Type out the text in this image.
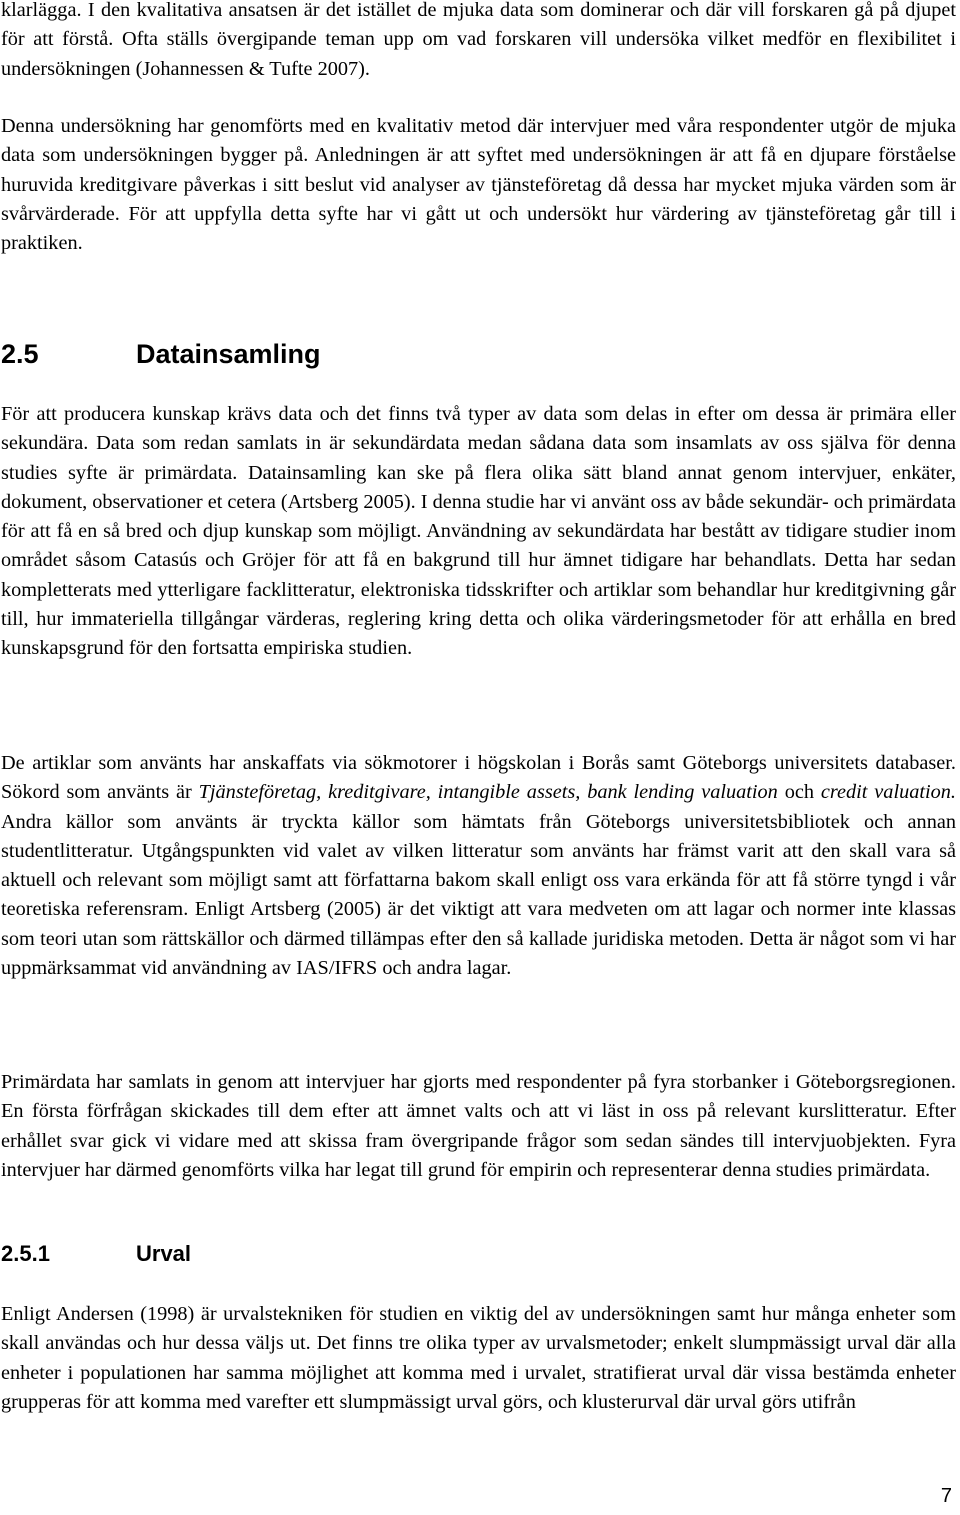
klarlägga. I den kvalitativa ansatsen är det istället de mjuka data som dominerar och där vill forskaren gå på djupet för att förstå. Ofta ställs övergipande teman upp om vad forskaren vill undersöka vilket medför en flexibilitet i undersökningen (Johannessen & Tufte 2007).

Denna undersökning har genomförts med en kvalitativ metod där intervjuer med våra respondenter utgör de mjuka data som undersökningen bygger på. Anledningen är att syftet med undersökningen är att få en djupare förståelse huruvida kreditgivare påverkas i sitt beslut vid analyser av tjänsteföretag då dessa har mycket mjuka värden som är svårvärderade. För att uppfylla detta syfte har vi gått ut och undersökt hur värdering av tjänsteföretag går till i praktiken.

2.5	Datainsamling

För att producera kunskap krävs data och det finns två typer av data som delas in efter om dessa är primära eller sekundära. Data som redan samlats in är sekundärdata medan sådana data som insamlats av oss själva för denna studies syfte är primärdata. Datainsamling kan ske på flera olika sätt bland annat genom intervjuer, enkäter, dokument, observationer et cetera (Artsberg 2005). I denna studie har vi använt oss av både sekundär- och primärdata för att få en så bred och djup kunskap som möjligt. Användning av sekundärdata har bestått av tidigare studier inom området såsom Catasús och Gröjer för att få en bakgrund till hur ämnet tidigare har behandlats. Detta har sedan kompletterats med ytterligare facklitteratur, elektroniska tidsskrifter och artiklar som behandlar hur kreditgivning går till, hur immateriella tillgångar värderas, reglering kring detta och olika värderingsmetoder för att erhålla en bred kunskapsgrund för den fortsatta empiriska studien.

De artiklar som använts har anskaffats via sökmotorer i högskolan i Borås samt Göteborgs universitets databaser. Sökord som använts är Tjänsteföretag, kreditgivare, intangible assets, bank lending valuation och credit valuation. Andra källor som använts är tryckta källor som hämtats från Göteborgs universitetsbibliotek och annan studentlitteratur. Utgångspunkten vid valet av vilken litteratur som använts har främst varit att den skall vara så aktuell och relevant som möjligt samt att författarna bakom skall enligt oss vara erkända för att få större tyngd i vår teoretiska referensram. Enligt Artsberg (2005) är det viktigt att vara medveten om att lagar och normer inte klassas som teori utan som rättskällor och därmed tillämpas efter den så kallade juridiska metoden. Detta är något som vi har uppmärksammat vid användning av IAS/IFRS och andra lagar.

Primärdata har samlats in genom att intervjuer har gjorts med respondenter på fyra storbanker i Göteborgsregionen. En första förfrågan skickades till dem efter att ämnet valts och att vi läst in oss på relevant kurslitteratur. Efter erhållet svar gick vi vidare med att skissa fram övergripande frågor som sedan sändes till intervjuobjekten. Fyra intervjuer har därmed genomförts vilka har legat till grund för empirin och representerar denna studies primärdata.

2.5.1	Urval

Enligt Andersen (1998) är urvalstekniken för studien en viktig del av undersökningen samt hur många enheter som skall användas och hur dessa väljs ut. Det finns tre olika typer av urvalsmetoder; enkelt slumpmässigt urval där alla enheter i populationen har samma möjlighet att komma med i urvalet, stratifierat urval där vissa bestämda enheter grupperas för att komma med varefter ett slumpmässigt urval görs, och klusterurval där urval görs utifrån

7
